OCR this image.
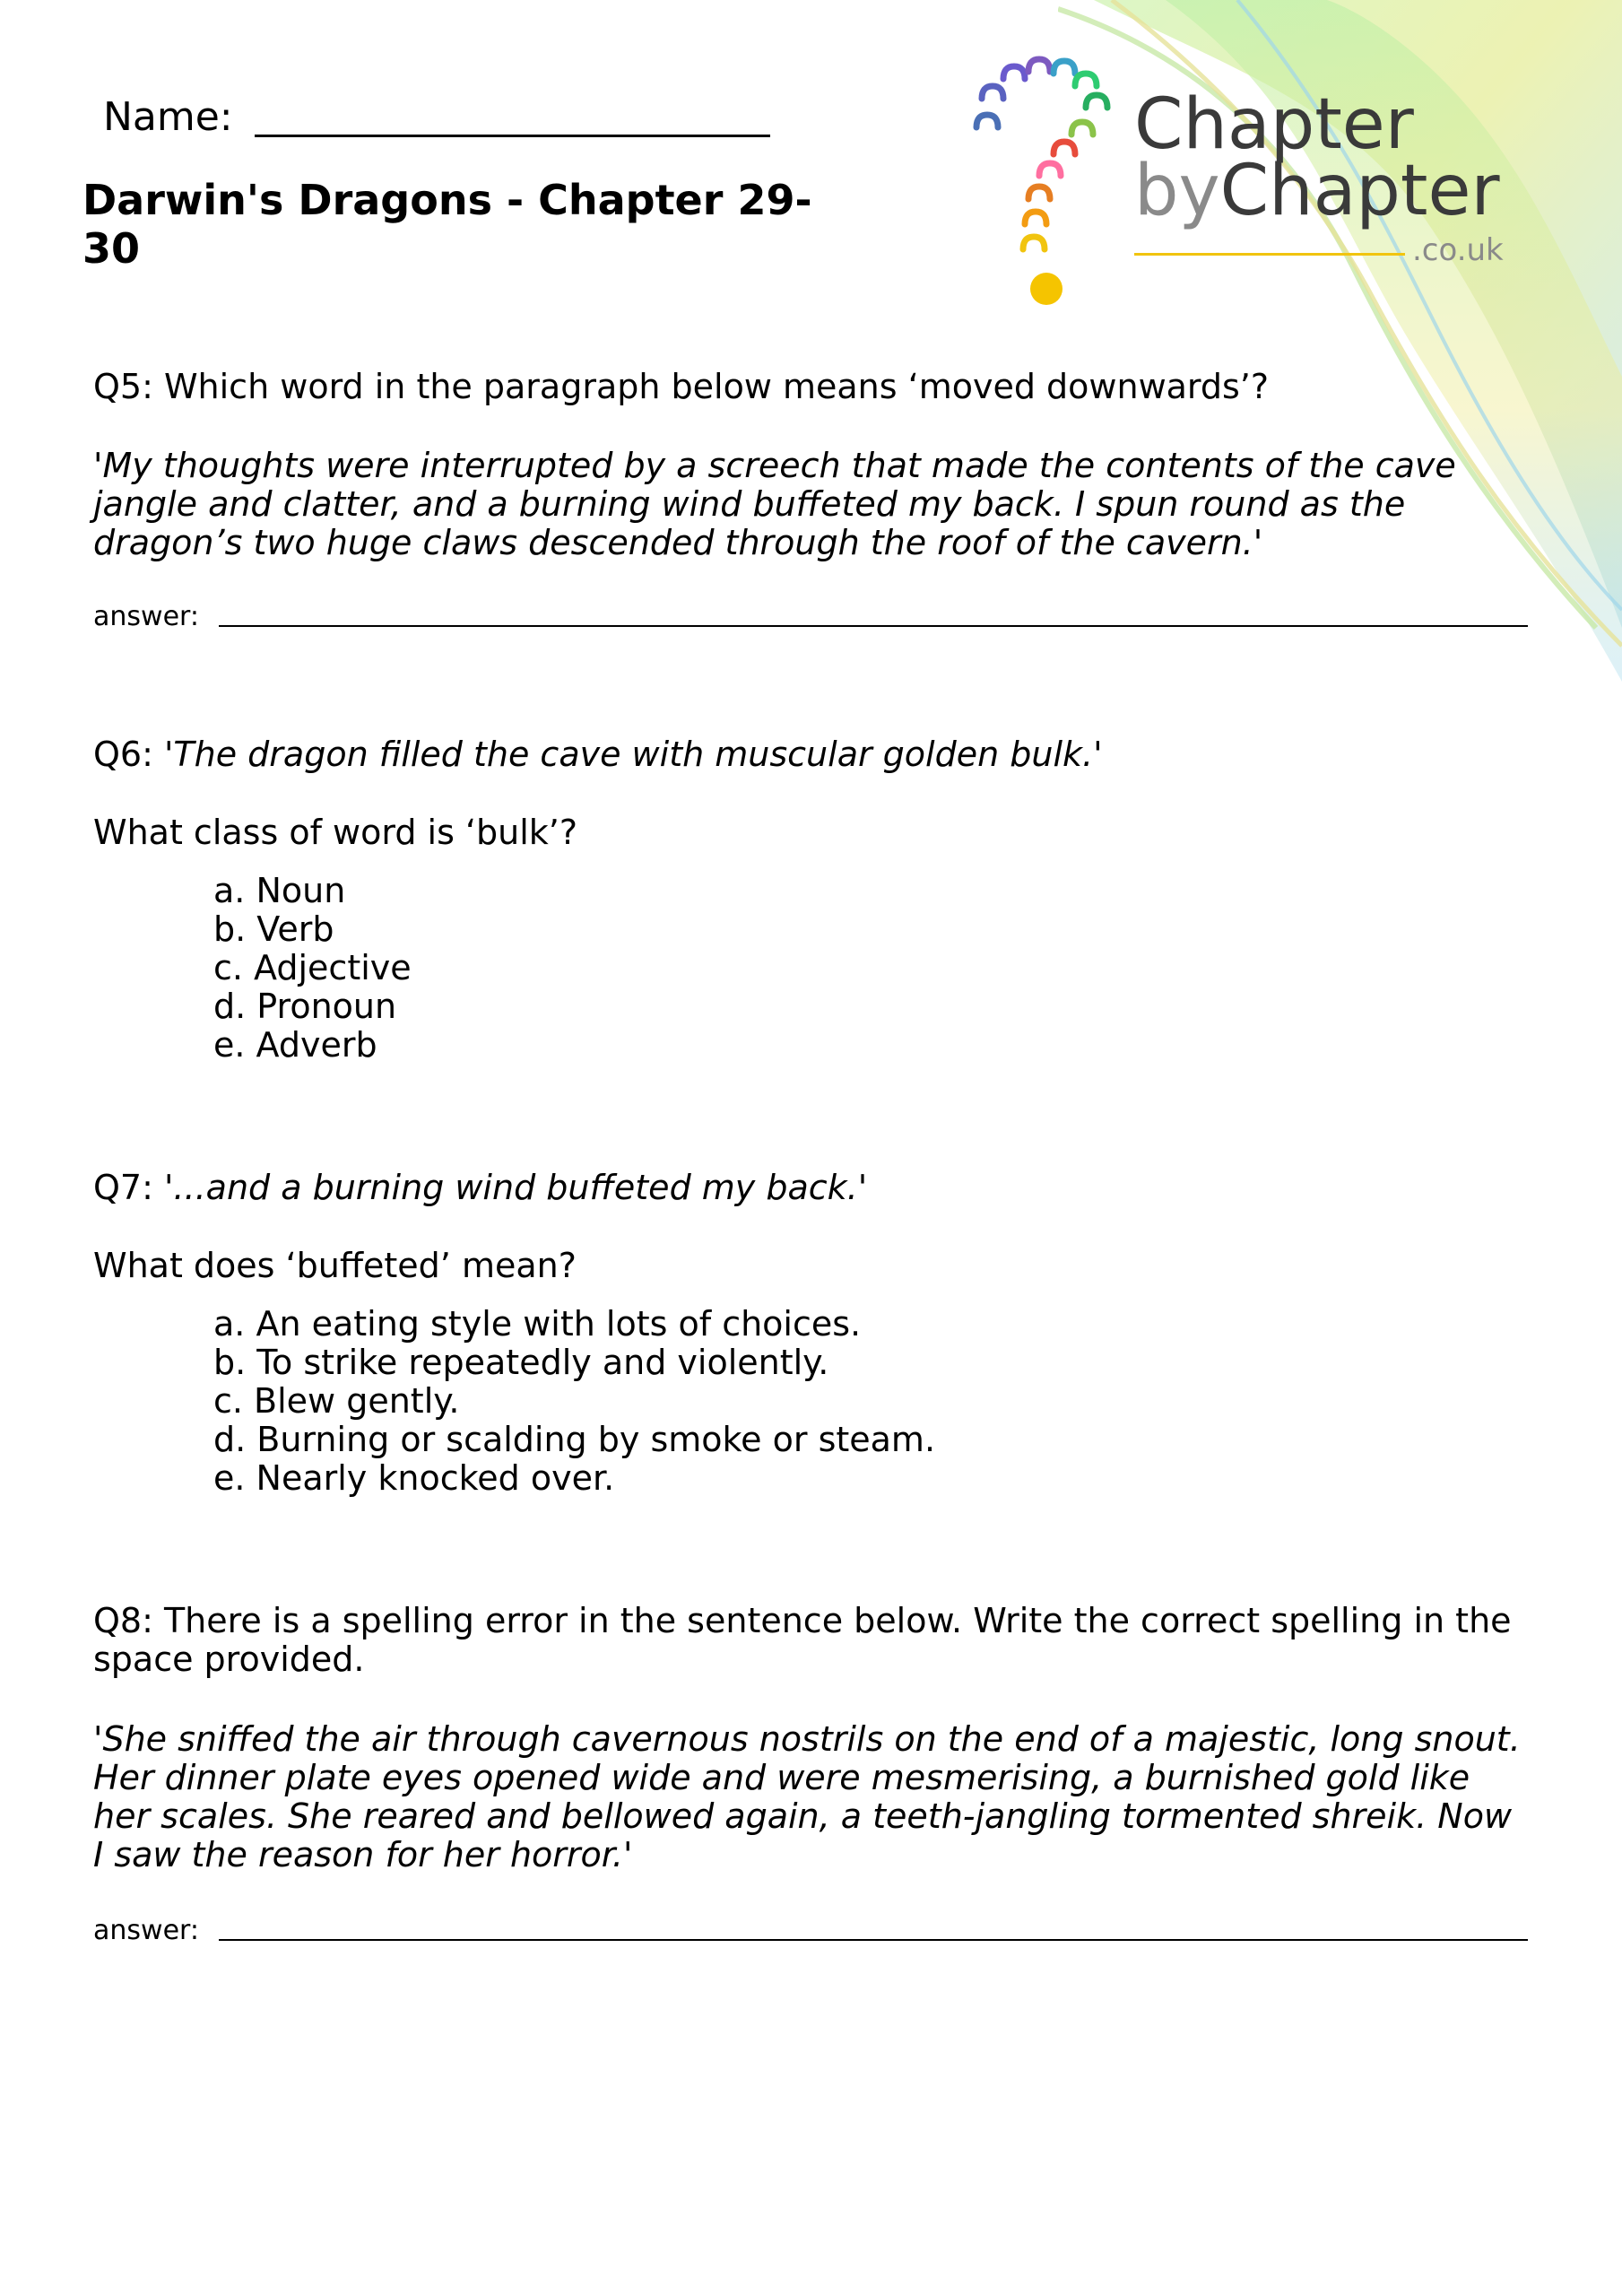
Name:
Darwin's Dragons - Chapter 29-30
Chapter
byChapter
.co.uk

Q5: Which word in the paragraph below means ‘moved downwards’?

'My thoughts were interrupted by a screech that made the contents of the cave jangle and clatter, and a burning wind buffeted my back. I spun round as the dragon’s two huge claws descended through the roof of the cavern.'

answer:

Q6: 'The dragon filled the cave with muscular golden bulk.'

What class of word is ‘bulk’?

a. Noun
b. Verb
c. Adjective
d. Pronoun
e. Adverb

Q7: '...and a burning wind buffeted my back.'

What does ‘buffeted’ mean?

a. An eating style with lots of choices.
b. To strike repeatedly and violently.
c. Blew gently.
d. Burning or scalding by smoke or steam.
e. Nearly knocked over.

Q8: There is a spelling error in the sentence below. Write the correct spelling in the space provided.

'She sniffed the air through cavernous nostrils on the end of a majestic, long snout. Her dinner plate eyes opened wide and were mesmerising, a burnished gold like her scales. She reared and bellowed again, a teeth-jangling tormented shreik. Now I saw the reason for her horror.'

answer:
